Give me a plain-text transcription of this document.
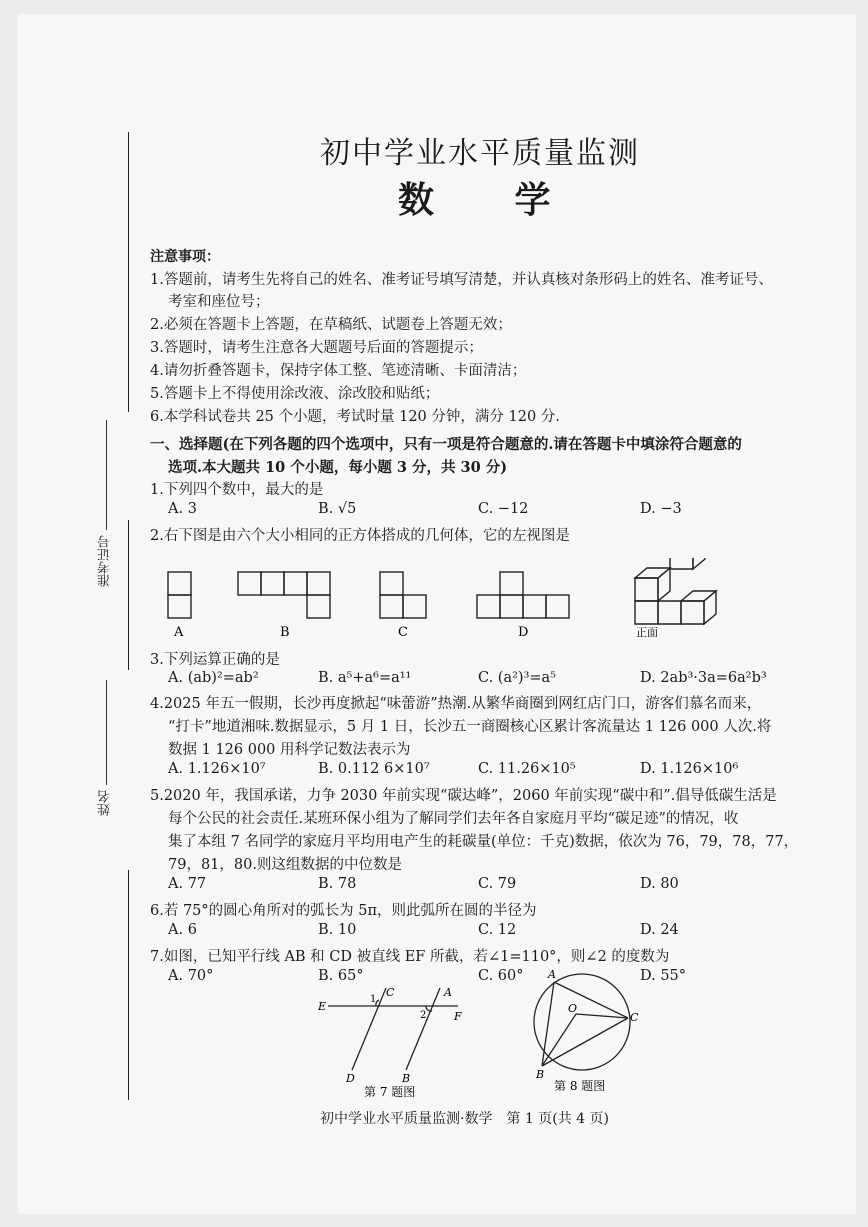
准考证号
姓名
初中学业水平质量监测
数 学
注意事项：
1.答题前，请考生先将自己的姓名、准考证号填写清楚，并认真核对条形码上的姓名、准考证号、
考室和座位号；
2.必须在答题卡上答题，在草稿纸、试题卷上答题无效；
3.答题时，请考生注意各大题题号后面的答题提示；
4.请勿折叠答题卡，保持字体工整、笔迹清晰、卡面清洁；
5.答题卡上不得使用涂改液、涂改胶和贴纸；
6.本学科试卷共 25 个小题，考试时量 120 分钟，满分 120 分.
一、选择题(在下列各题的四个选项中，只有一项是符合题意的.请在答题卡中填涂符合题意的
选项.本大题共 10 个小题，每小题 3 分，共 30 分)
1.下列四个数中，最大的是
A. 3	B. √5	C. −12	D. −3
2.右下图是由六个大小相同的正方体搭成的几何体，它的左视图是
A	B	C	D	正面
3.下列运算正确的是
A. (ab)²=ab²	B. a⁵+a⁶=a¹¹	C. (a²)³=a⁵	D. 2ab³·3a=6a²b³
4.2025 年五一假期，长沙再度掀起“味蕾游”热潮.从繁华商圈到网红店门口，游客们慕名而来，
“打卡”地道湘味.数据显示，5 月 1 日，长沙五一商圈核心区累计客流量达 1 126 000 人次.将
数据 1 126 000 用科学记数法表示为
A. 1.126×10⁷	B. 0.112 6×10⁷	C. 11.26×10⁵	D. 1.126×10⁶
5.2020 年，我国承诺，力争 2030 年前实现“碳达峰”，2060 年前实现“碳中和”.倡导低碳生活是
每个公民的社会责任.某班环保小组为了解同学们去年各自家庭月平均“碳足迹”的情况，收
集了本组 7 名同学的家庭月平均用电产生的耗碳量(单位：千克)数据，依次为 76，79，78，77，
79，81，80.则这组数据的中位数是
A. 77	B. 78	C. 79	D. 80
6.若 75°的圆心角所对的弧长为 5π，则此弧所在圆的半径为
A. 6	B. 10	C. 12	D. 24
7.如图，已知平行线 AB 和 CD 被直线 EF 所截，若∠1=110°，则∠2 的度数为
A. 70°	B. 65°	C. 60°	D. 55°
C	A
E
F
D	B
1
2
第 7 题图
A
C
O
B
第 8 题图
初中学业水平质量监测·数学　第 1 页(共 4 页)
